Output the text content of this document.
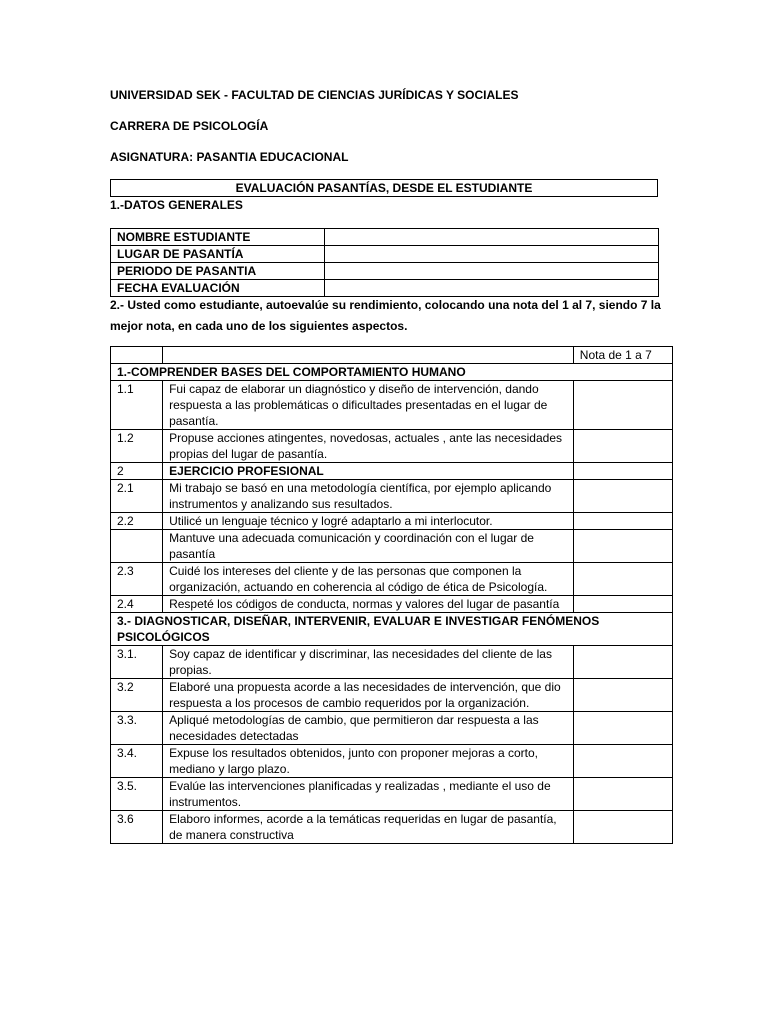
UNIVERSIDAD SEK - FACULTAD DE CIENCIAS JURÍDICAS Y SOCIALES
CARRERA DE PSICOLOGÍA
ASIGNATURA: PASANTIA EDUCACIONAL
EVALUACIÓN PASANTÍAS, DESDE EL ESTUDIANTE
1.-DATOS GENERALES
NOMBRE ESTUDIANTE	
LUGAR DE PASANTÍA	
PERIODO DE PASANTIA	
FECHA EVALUACIÓN	
2.- Usted como estudiante, autoevalúe su rendimiento, colocando una nota del 1 al 7, siendo 7 la mejor nota, en cada uno de los siguientes aspectos.
		Nota de 1 a 7
1.-COMPRENDER BASES DEL COMPORTAMIENTO HUMANO		
1.1	Fui capaz de elaborar un diagnóstico y diseño de intervención, dando respuesta a las problemáticas o dificultades presentadas en el lugar de pasantía.	
1.2	Propuse acciones atingentes, novedosas, actuales , ante las necesidades propias del lugar de pasantía.	
2	EJERCICIO PROFESIONAL	
2.1	Mi trabajo se basó en una metodología científica, por ejemplo aplicando instrumentos y analizando sus resultados.	
2.2	Utilicé un lenguaje técnico y logré adaptarlo a mi interlocutor.	
	Mantuve una adecuada comunicación y coordinación con el lugar de pasantía	
2.3	Cuidé los intereses del cliente y de las personas que componen la organización, actuando en coherencia al código de ética de Psicología.	
2.4	Respeté los códigos de conducta, normas y valores del lugar de pasantía	
3.- DIAGNOSTICAR, DISEÑAR, INTERVENIR, EVALUAR E INVESTIGAR FENÓMENOS PSICOLÓGICOS		
3.1.	Soy capaz de identificar y discriminar, las necesidades del cliente de las propias.	
3.2	Elaboré una propuesta acorde a las necesidades de intervención, que dio respuesta a los procesos de cambio requeridos por la organización.	
3.3.	Apliqué metodologías de cambio, que permitieron dar respuesta a las necesidades detectadas	
3.4.	Expuse los resultados obtenidos, junto con proponer mejoras a corto, mediano y largo plazo.	
3.5.	Evalúe las intervenciones planificadas y realizadas , mediante el uso de instrumentos.	
3.6	Elaboro informes, acorde a la temáticas requeridas en lugar de pasantía, de manera constructiva	
